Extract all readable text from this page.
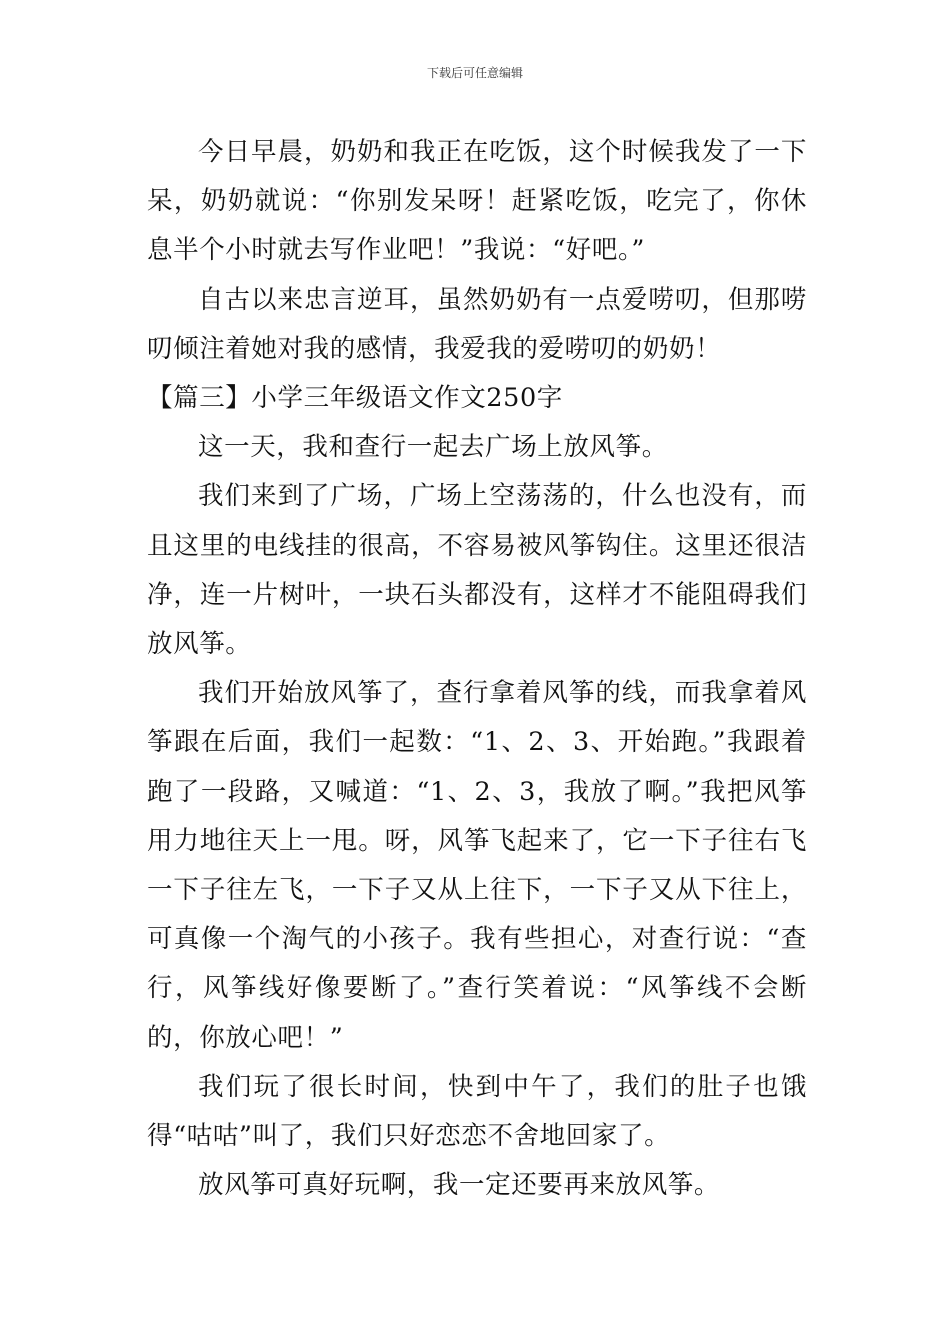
下载后可任意编辑

今日早晨，奶奶和我正在吃饭，这个时候我发了一下呆，奶奶就说：“你别发呆呀！赶紧吃饭，吃完了，你休息半个小时就去写作业吧！”我说：“好吧。”

自古以来忠言逆耳，虽然奶奶有一点爱唠叨，但那唠叨倾注着她对我的感情，我爱我的爱唠叨的奶奶！

【篇三】小学三年级语文作文250字

这一天，我和查行一起去广场上放风筝。

我们来到了广场，广场上空荡荡的，什么也没有，而且这里的电线挂的很高，不容易被风筝钩住。这里还很洁净，连一片树叶，一块石头都没有，这样才不能阻碍我们放风筝。

我们开始放风筝了，查行拿着风筝的线，而我拿着风筝跟在后面，我们一起数：“1、2、3、开始跑。”我跟着跑了一段路，又喊道：“1、2、3，我放了啊。”我把风筝用力地往天上一甩。呀，风筝飞起来了，它一下子往右飞一下子往左飞，一下子又从上往下，一下子又从下往上，可真像一个淘气的小孩子。我有些担心，对查行说：“查行，风筝线好像要断了。”查行笑着说：“风筝线不会断的，你放心吧！”

我们玩了很长时间，快到中午了，我们的肚子也饿得“咕咕”叫了，我们只好恋恋不舍地回家了。

放风筝可真好玩啊，我一定还要再来放风筝。
